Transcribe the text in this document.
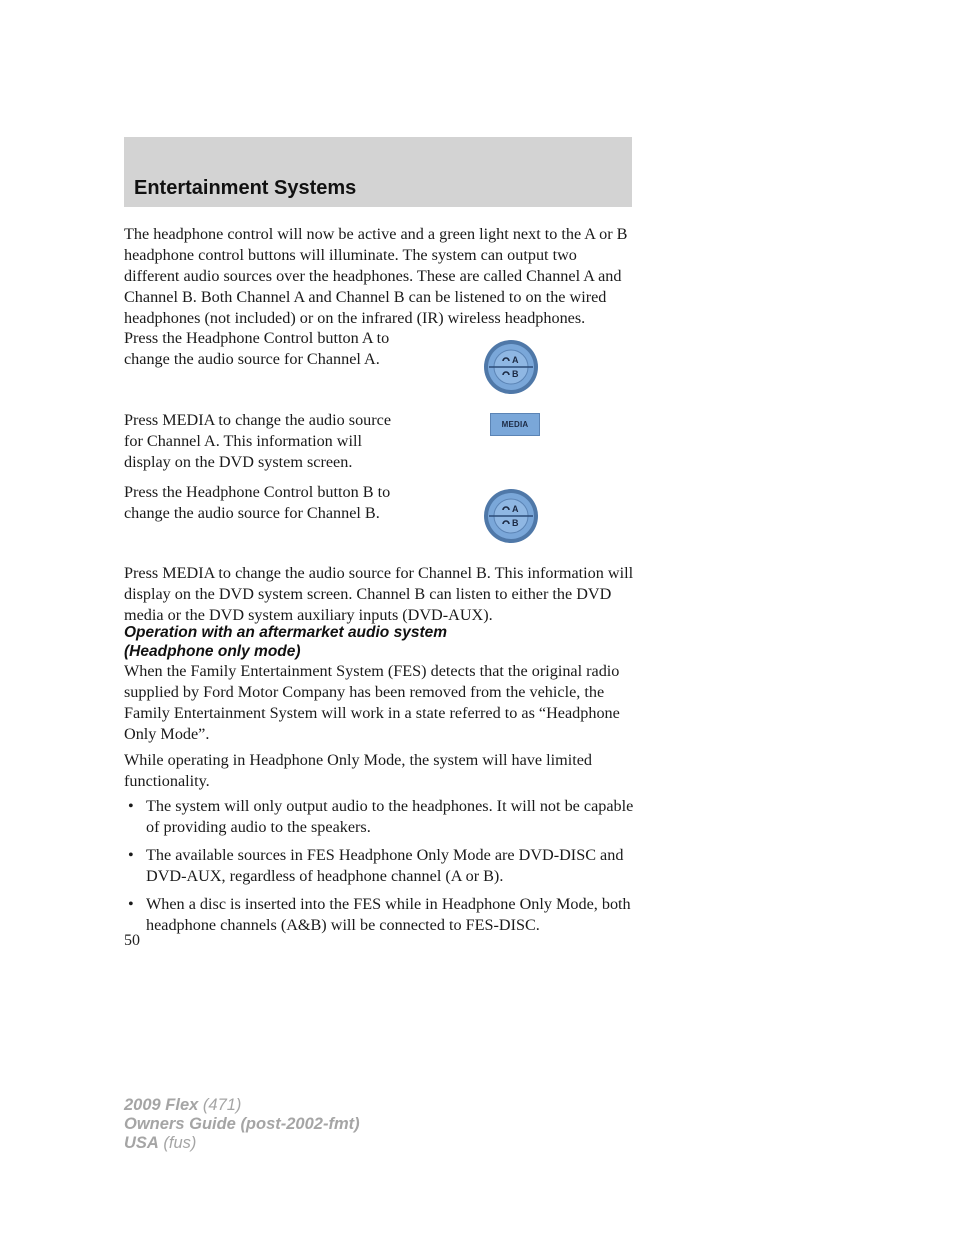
Entertainment Systems

The headphone control will now be active and a green light next to the A or B headphone control buttons will illuminate. The system can output two different audio sources over the headphones. These are called Channel A and Channel B. Both Channel A and Channel B can be listened to on the wired headphones (not included) or on the infrared (IR) wireless headphones.

Press the Headphone Control button A to change the audio source for Channel A.	A
B

Press MEDIA to change the audio source for Channel A. This information will display on the DVD system screen.

MEDIA

Press the Headphone Control button B to change the audio source for Channel B.	A
B

Press MEDIA to change the audio source for Channel B. This information will display on the DVD system screen. Channel B can listen to either the DVD media or the DVD system auxiliary inputs (DVD-AUX).

Operation with an aftermarket audio system

(Headphone only mode)

When the Family Entertainment System (FES) detects that the original radio supplied by Ford Motor Company has been removed from the vehicle, the Family Entertainment System will work in a state referred to as “Headphone Only Mode”.

While operating in Headphone Only Mode, the system will have limited functionality.

• The system will only output audio to the headphones. It will not be capable of providing audio to the speakers.
• The available sources in FES Headphone Only Mode are DVD-DISC and DVD-AUX, regardless of headphone channel (A or B).
• When a disc is inserted into the FES while in Headphone Only Mode, both headphone channels (A&B) will be connected to FES-DISC.
50
2009 Flex (471)
Owners Guide (post-2002-fmt)
USA (fus)
